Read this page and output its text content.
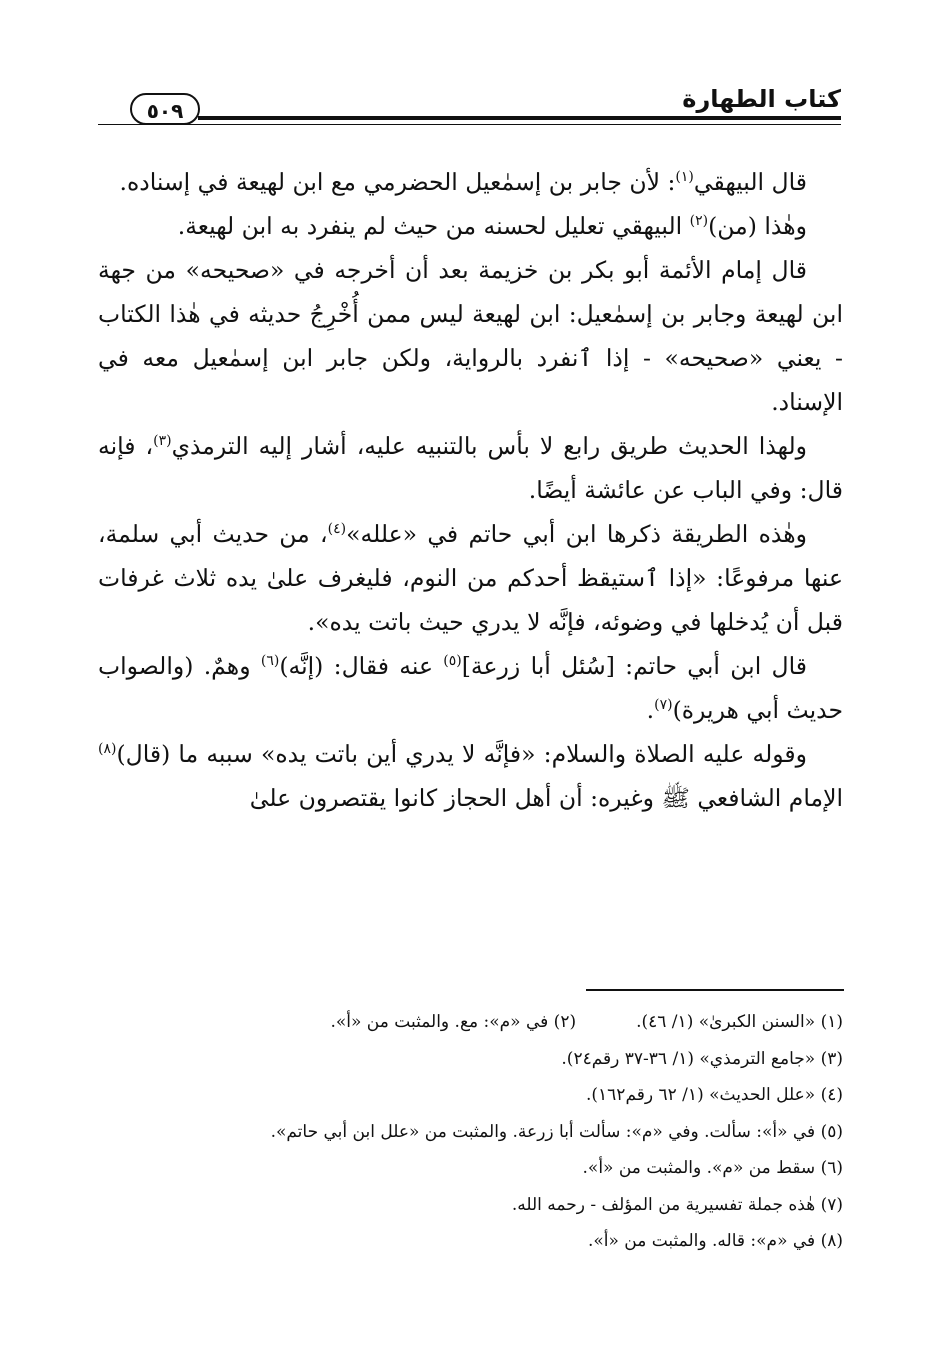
كتاب الطهارة
٥٠٩

قال البيهقي$^{(١)}$: لأن جابر بن إسمٰعيل الحضرمي مع ابن لهيعة في إسناده.

وهٰذا (من)$^{(٢)}$ البيهقي تعليل لحسنه من حيث لم ينفرد به ابن لهيعة.

قال إمام الأئمة أبو بكر بن خزيمة بعد أن أخرجه في «صحيحه» من جهة ابن لهيعة وجابر بن إسمٰعيل: ابن لهيعة ليس ممن أُخْرِجُ حديثه في هٰذا الكتاب - يعني «صحيحه» - إذا ٱنفرد بالرواية، ولكن جابر ابن إسمٰعيل معه في الإسناد.

ولهذا الحديث طريق رابع لا بأس بالتنبيه عليه، أشار إليه الترمذي$^{(٣)}$، فإنه قال: وفي الباب عن عائشة أيضًا.

وهٰذه الطريقة ذكرها ابن أبي حاتم في «علله»$^{(٤)}$، من حديث أبي سلمة، عنها مرفوعًا: «إذا ٱستيقظ أحدكم من النوم، فليغرف علىٰ يده ثلاث غرفات قبل أن يُدخلها في وضوئه، فإنَّه لا يدري حيث باتت يده».

قال ابن أبي حاتم: [سُئل أبا زرعة]$^{(٥)}$ عنه فقال: (إنَّه)$^{(٦)}$ وهمٌ. (والصواب حديث أبي هريرة)$^{(٧)}$.

وقوله عليه الصلاة والسلام: «فإنَّه لا يدري أين باتت يده» سببه ما (قال)$^{(٨)}$ الإمام الشافعي ﷺ وغيره: أن أهل الحجاز كانوا يقتصرون علىٰ

(١) «السنن الكبرىٰ» (١/ ٤٦).(٢) في «م»: مع. والمثبت من «أ».
(٣) «جامع الترمذي» (١/ ٣٦-٣٧ رقم٢٤).
(٤) «علل الحديث» (١/ ٦٢ رقم١٦٢).
(٥) في «أ»: سألت. وفي «م»: سألت أبا زرعة. والمثبت من «علل ابن أبي حاتم».
(٦) سقط من «م». والمثبت من «أ».
(٧) هٰذه جملة تفسيرية من المؤلف - رحمه الله.
(٨) في «م»: قاله. والمثبت من «أ».
